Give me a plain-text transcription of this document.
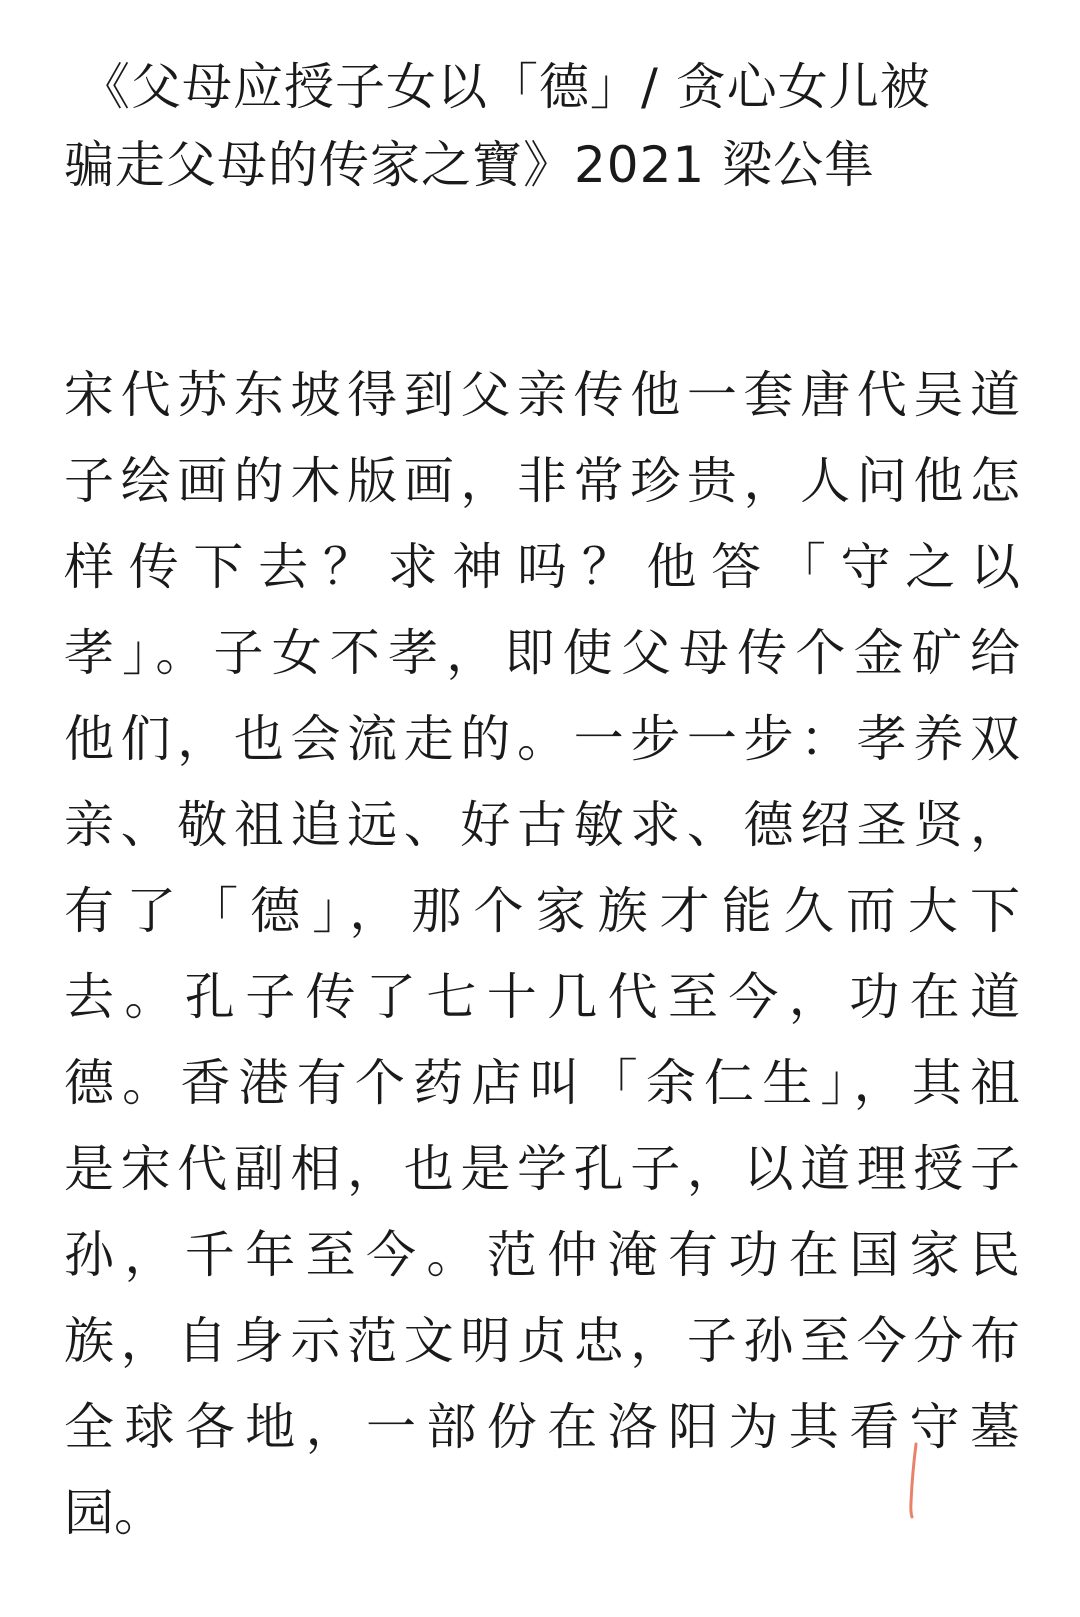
《父母应授子女以「德」/ 贪心女儿被
骗走父母的传家之寶》2021 梁公隼
宋代苏东坡得到父亲传他一套唐代吴道
子绘画的木版画，非常珍贵，人问他怎
样传下去？求神吗？他答「守之以
孝」。子女不孝，即使父母传个金矿给
他们，也会流走的。一步一步：孝养双
亲、敬祖追远、好古敏求、德绍圣贤，
有了「德」，那个家族才能久而大下
去。孔子传了七十几代至今，功在道
德。香港有个药店叫「余仁生」，其祖
是宋代副相，也是学孔子，以道理授子
孙，千年至今。范仲淹有功在国家民
族，自身示范文明贞忠，子孙至今分布
全球各地，一部份在洛阳为其看守墓
园。
